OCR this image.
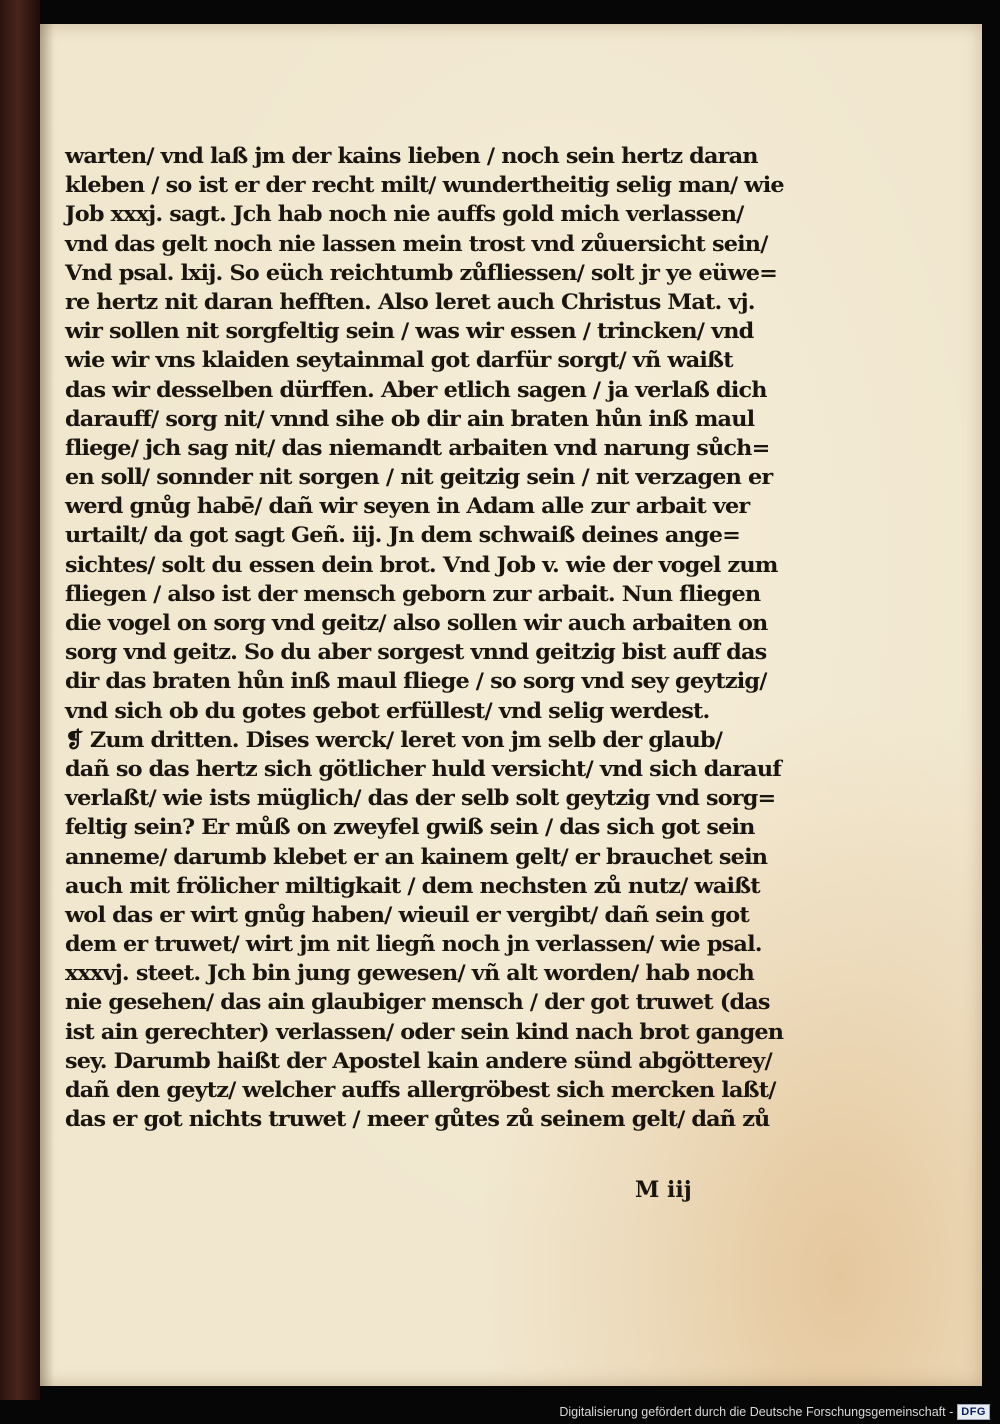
warten/ vnd laß jm der kains lieben / noch sein hertz daran
kleben / so ist er der recht milt/ wundertheitig selig man/ wie
Job xxxj. sagt. Jch hab noch nie auffs gold mich verlassen/
vnd das gelt noch nie lassen mein trost vnd zůuersicht sein/
Vnd psal. lxij. So eüch reichtumb zůfliessen/ solt jr ye eüwe=
re hertz nit daran hefften. Also leret auch Christus Mat. vj.
wir sollen nit sorgfeltig sein / was wir essen / trincken/ vnd
wie wir vns klaiden seytainmal got darfür sorgt/ vñ waißt
das wir desselben dürffen. Aber etlich sagen / ja verlaß dich
darauff/ sorg nit/ vnnd sihe ob dir ain braten hůn inß maul
fliege/ jch sag nit/ das niemandt arbaiten vnd narung sůch=
en soll/ sonnder nit sorgen / nit geitzig sein / nit verzagen er
werd gnůg habē/ dañ wir seyen in Adam alle zur arbait ver
urtailt/ da got sagt Geñ. iij. Jn dem schwaiß deines ange=
sichtes/ solt du essen dein brot. Vnd Job v. wie der vogel zum
fliegen / also ist der mensch geborn zur arbait. Nun fliegen
die vogel on sorg vnd geitz/ also sollen wir auch arbaiten on
sorg vnd geitz. So du aber sorgest vnnd geitzig bist auff das
dir das braten hůn inß maul fliege / so sorg vnd sey geytzig/
vnd sich ob du gotes gebot erfüllest/ vnd selig werdest.
❡ Zum dritten. Dises werck/ leret von jm selb der glaub/
dañ so das hertz sich götlicher huld versicht/ vnd sich darauf
verlaßt/ wie ists müglich/ das der selb solt geytzig vnd sorg=
feltig sein? Er můß on zweyfel gwiß sein / das sich got sein
anneme/ darumb klebet er an kainem gelt/ er brauchet sein
auch mit frölicher miltigkait / dem nechsten zů nutz/ waißt
wol das er wirt gnůg haben/ wieuil er vergibt/ dañ sein got
dem er truwet/ wirt jm nit liegñ noch jn verlassen/ wie psal.
xxxvj. steet. Jch bin jung gewesen/ vñ alt worden/ hab noch
nie gesehen/ das ain glaubiger mensch / der got truwet (das
ist ain gerechter) verlassen/ oder sein kind nach brot gangen
sey. Darumb haißt der Apostel kain andere sünd abgötterey/
dañ den geytz/ welcher auffs allergröbest sich mercken laßt/
das er got nichts truwet / meer gůtes zů seinem gelt/ dañ zů
M iij
Digitalisierung gefördert durch die Deutsche Forschungsgemeinschaft - DFG
